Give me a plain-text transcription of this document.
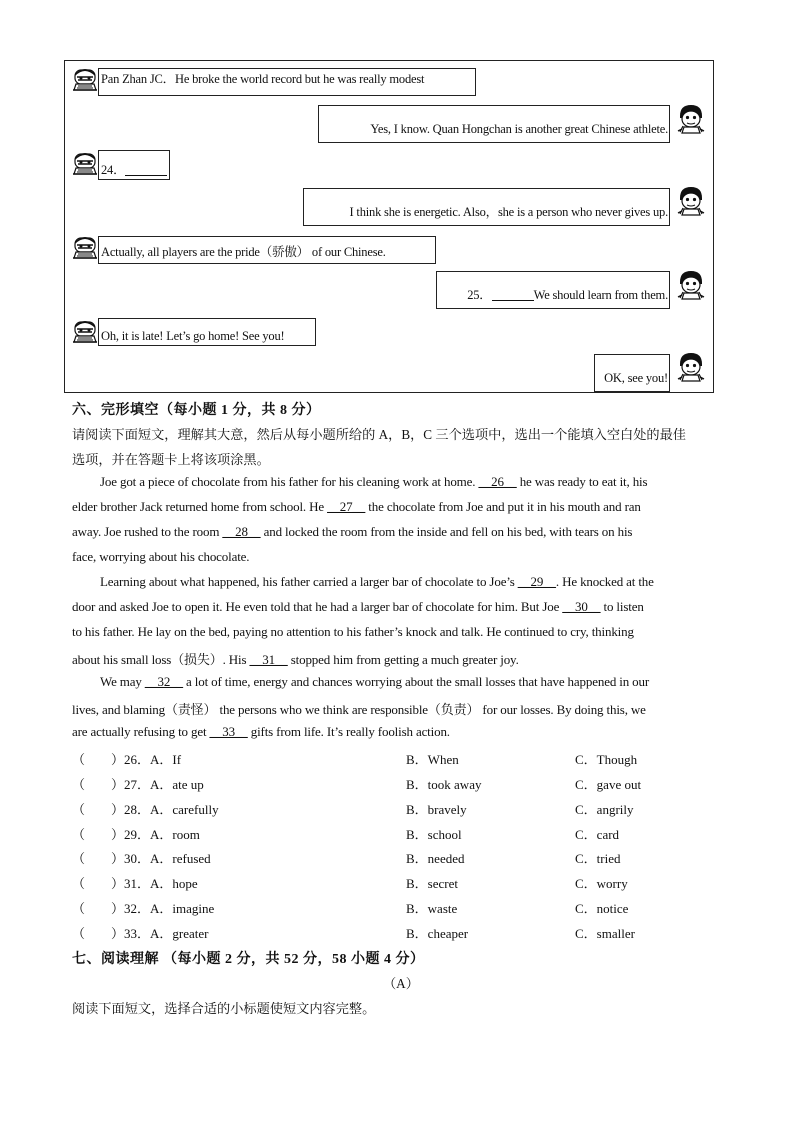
Pan Zhan JC．He broke the world record but he was really modest
Yes, I know. Quan Hongchan is another great Chinese athlete.
24．
I think she is energetic. Also，she is a person who never gives up.
Actually, all players are the pride（骄傲） of our Chinese.
25．	We should learn from them.
Oh, it is late! Let’s go home! See you!
OK, see you!
六、完形填空（每小题 1 分，共 8 分）
请阅读下面短文，理解其大意，然后从每小题所给的 A，B，C 三个选项中，选出一个能填入空白处的最佳
选项，并在答题卡上将该项涂黑。
Joe got a piece of chocolate from his father for his cleaning work at home. __26__ he was ready to eat it, his
elder brother Jack returned home from school. He __27__ the chocolate from Joe and put it in his mouth and ran
away. Joe rushed to the room __28__ and locked the room from the inside and fell on his bed, with tears on his
face, worrying about his chocolate.
Learning about what happened, his father carried a larger bar of chocolate to Joe’s __29__. He knocked at the
door and asked Joe to open it. He even told that he had a larger bar of chocolate for him. But Joe __30__ to listen
to his father. He lay on the bed, paying no attention to his father’s knock and talk. He continued to cry, thinking
about his small loss（损失）. His __31__ stopped him from getting a much greater joy.
We may __32__ a lot of time, energy and chances worrying about the small losses that have happened in our
lives, and blaming（责怪） the persons who we think are responsible（负责） for our losses. By doing this, we
are actually refusing to get __33__ gifts from life. It’s really foolish action.
（　　）26．A．If	B．When	C．Though
（　　）27．A．ate up	B．took away	C．gave out
（　　）28．A．carefully	B．bravely	C．angrily
（　　）29．A．room	B．school	C．card
（　　）30．A．refused	B．needed	C．tried
（　　）31．A．hope	B．secret	C．worry
（　　）32．A．imagine	B．waste	C．notice
（　　）33．A．greater	B．cheaper	C．smaller
七、阅读理解 （每小题 2 分，共 52 分，58 小题 4 分）
（A）
阅读下面短文，选择合适的小标题使短文内容完整。
